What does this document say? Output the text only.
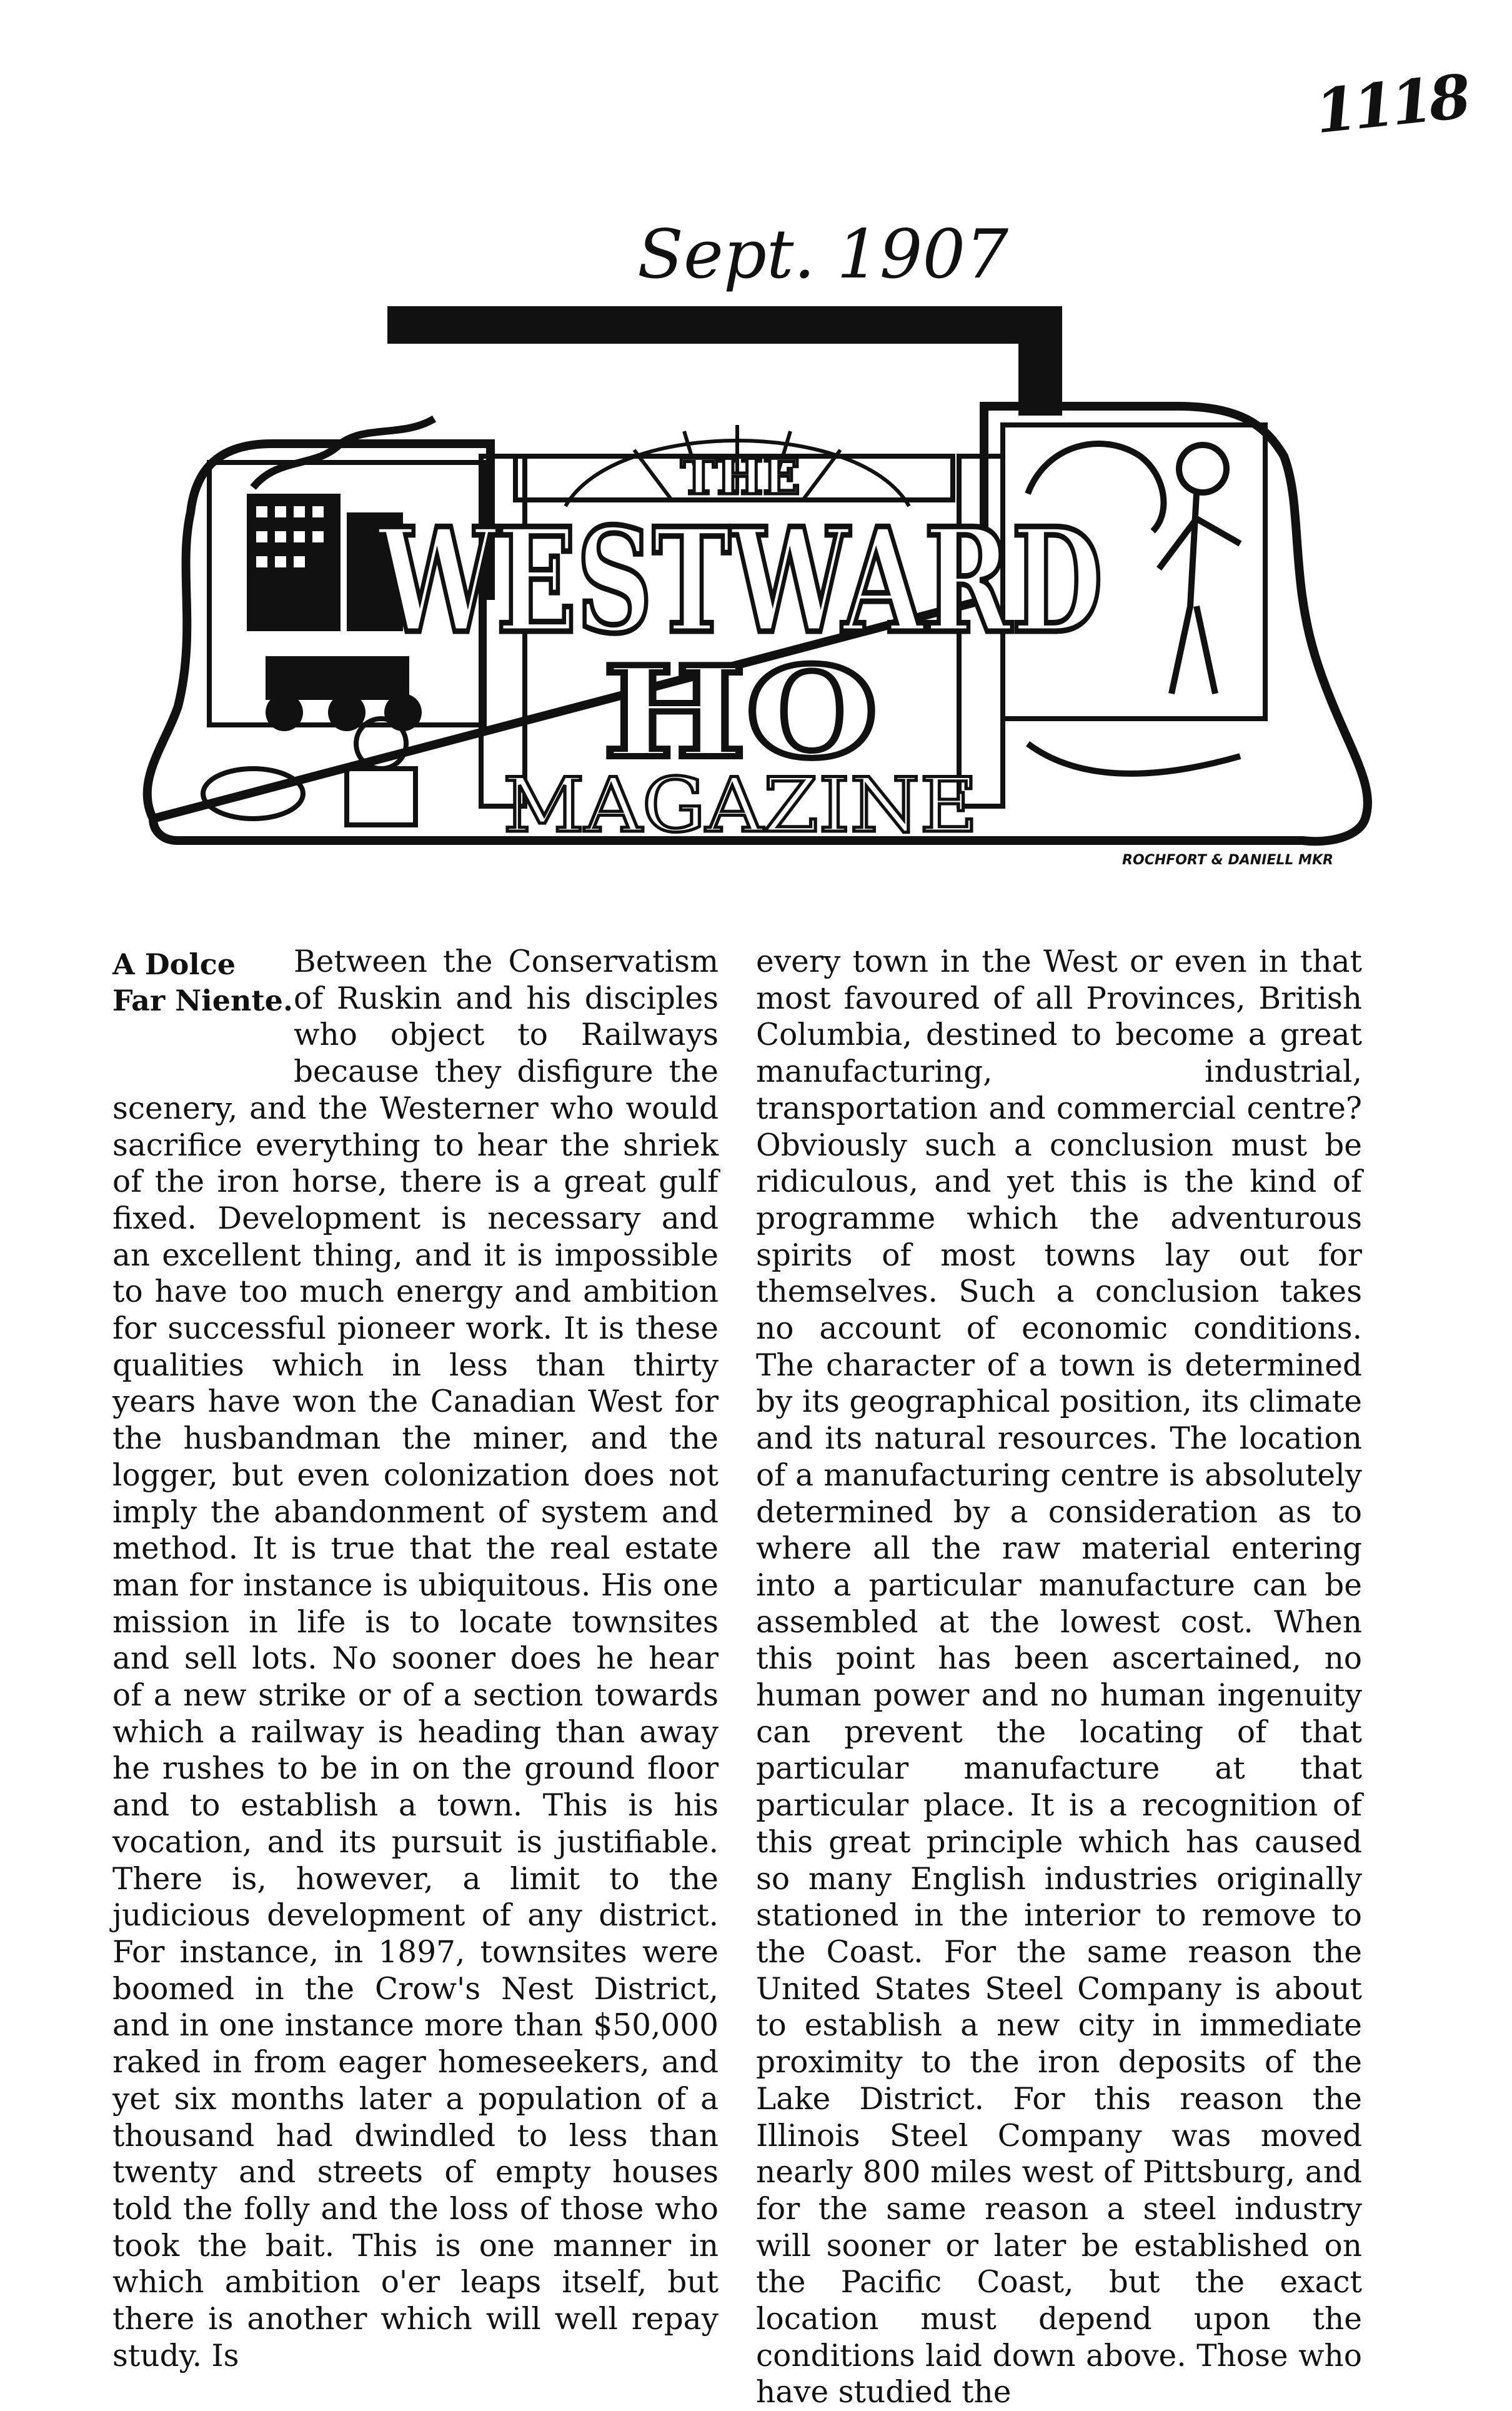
1118
Sept. 1907
THE
WESTWARD
HO
MAGAZINE
ROCHFORT & DANIELL MKR
A Dolce
Far Niente.

Between the Conservatism of Ruskin and his disciples who object to Railways because they disfigure the scenery, and the Westerner who would sacrifice everything to hear the shriek of the iron horse, there is a great gulf fixed. Development is necessary and an excellent thing, and it is impossible to have too much energy and ambition for successful pioneer work. It is these qualities which in less than thirty years have won the Canadian West for the husbandman the miner, and the logger, but even colonization does not imply the abandonment of system and method. It is true that the real estate man for instance is ubiquitous. His one mission in life is to locate townsites and sell lots. No sooner does he hear of a new strike or of a section towards which a railway is heading than away he rushes to be in on the ground floor and to establish a town. This is his vocation, and its pursuit is justifiable. There is, however, a limit to the judicious development of any district. For instance, in 1897, townsites were boomed in the Crow's Nest District, and in one instance more than $50,000 raked in from eager homeseekers, and yet six months later a population of a thousand had dwindled to less than twenty and streets of empty houses told the folly and the loss of those who took the bait. This is one manner in which ambition o'er leaps itself, but there is another which will well repay study. Is

every town in the West or even in that most favoured of all Provinces, British Columbia, destined to become a great manufacturing, industrial, transportation and commercial centre? Obviously such a conclusion must be ridiculous, and yet this is the kind of programme which the adventurous spirits of most towns lay out for themselves. Such a conclusion takes no account of economic conditions. The character of a town is determined by its geographical position, its climate and its natural resources. The location of a manufacturing centre is absolutely determined by a consideration as to where all the raw material entering into a particular manufacture can be assembled at the lowest cost. When this point has been ascertained, no human power and no human ingenuity can prevent the locating of that particular manufacture at that particular place. It is a recognition of this great principle which has caused so many English industries originally stationed in the interior to remove to the Coast. For the same reason the United States Steel Company is about to establish a new city in immediate proximity to the iron deposits of the Lake District. For this reason the Illinois Steel Company was moved nearly 800 miles west of Pittsburg, and for the same reason a steel industry will sooner or later be established on the Pacific Coast, but the exact location must depend upon the conditions laid down above. Those who have studied the
